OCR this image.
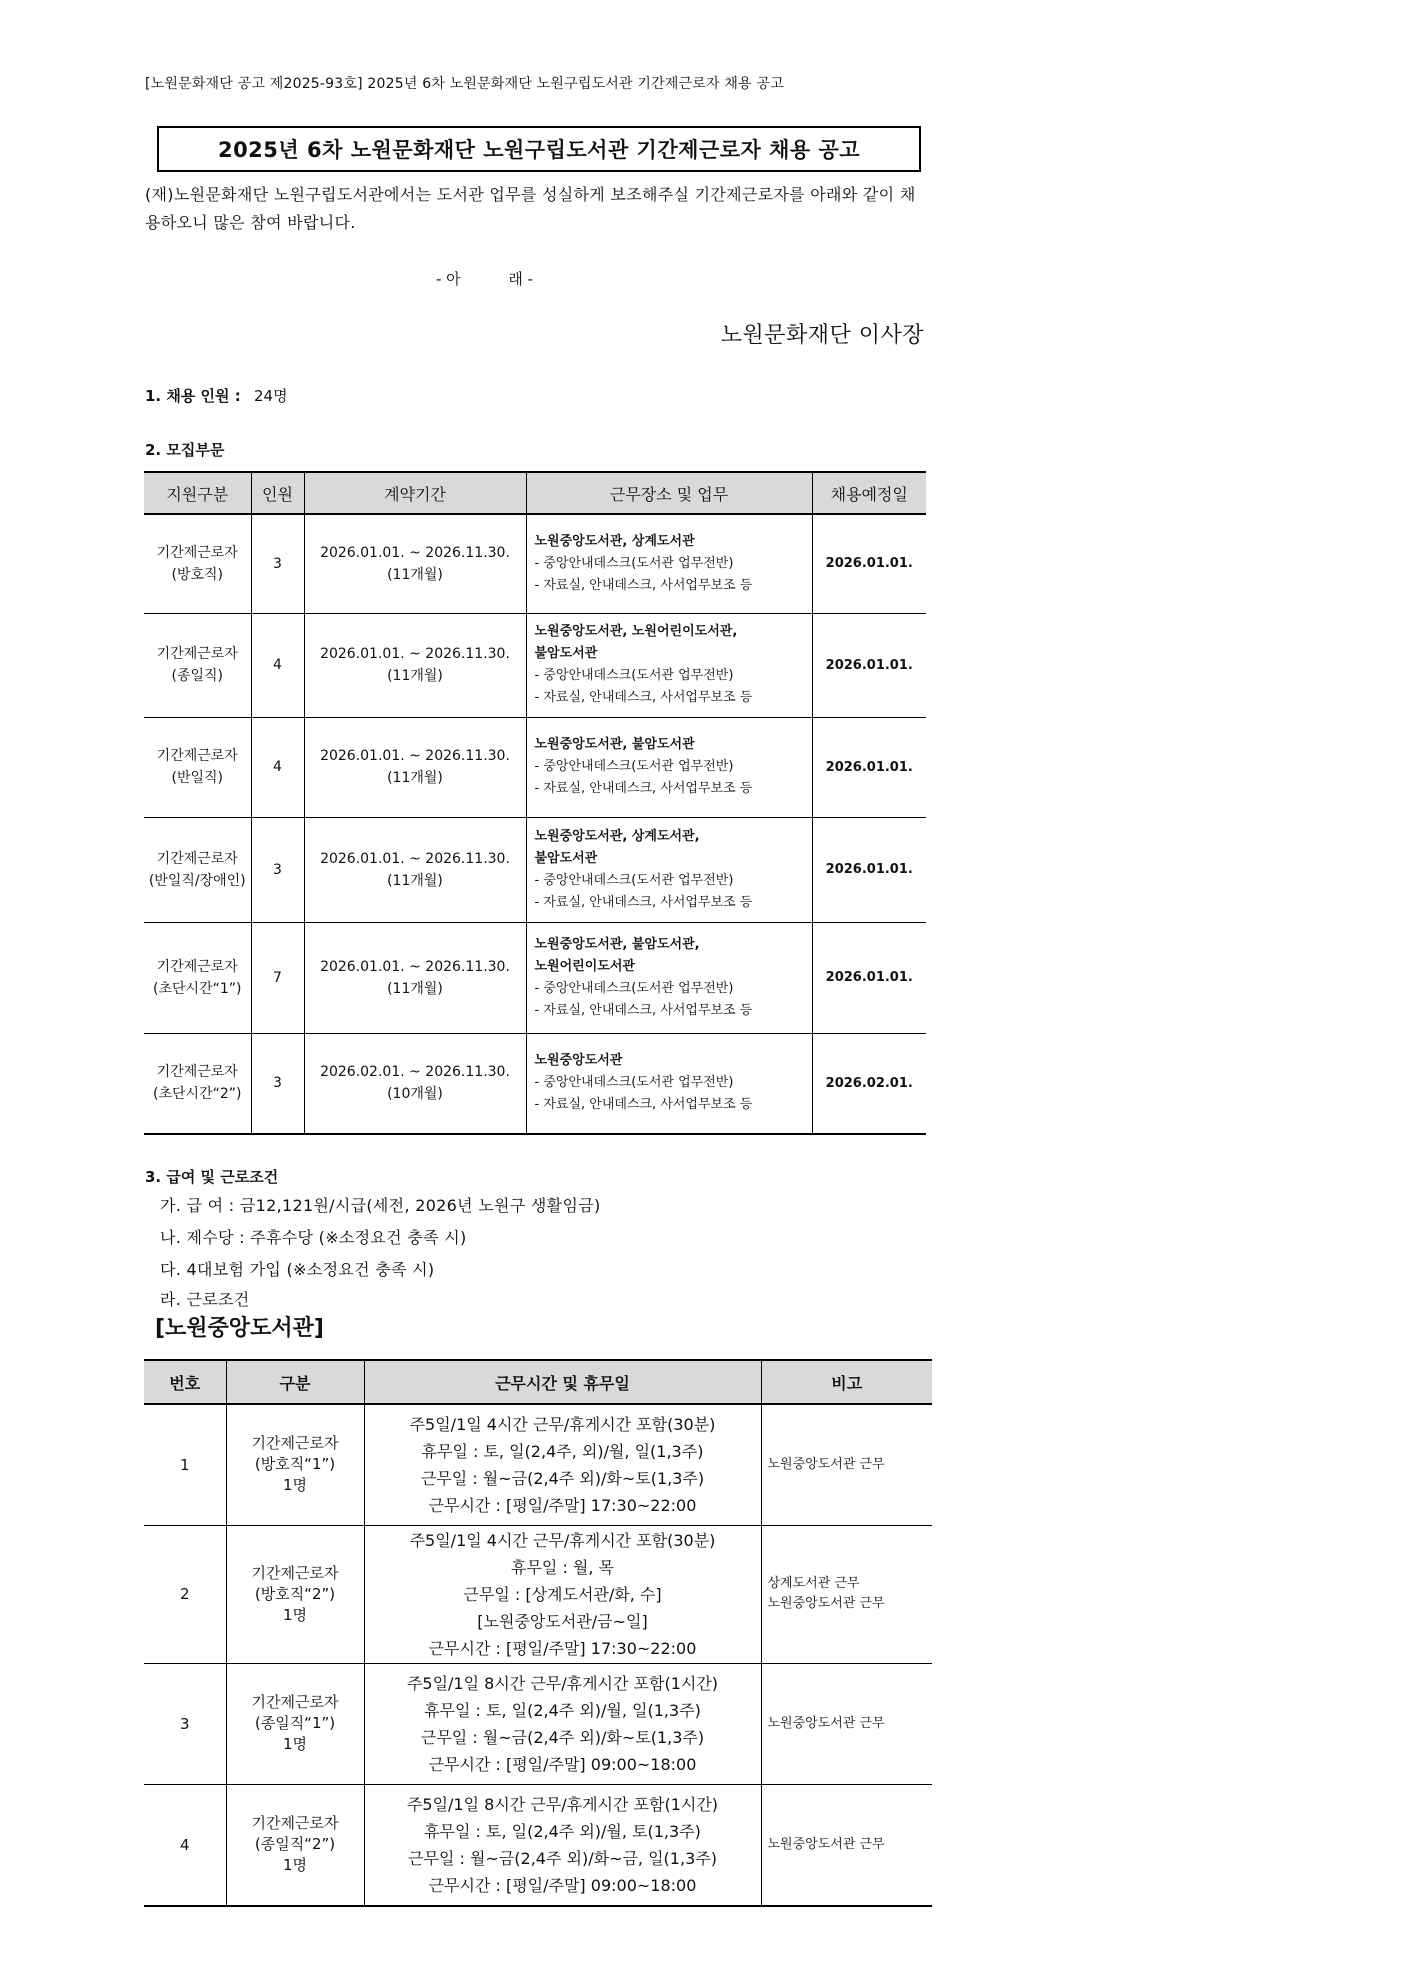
[노원문화재단 공고 제2025-93호] 2025년 6차 노원문화재단 노원구립도서관 기간제근로자 채용 공고
2025년 6차 노원문화재단 노원구립도서관 기간제근로자 채용 공고
(재)노원문화재단 노원구립도서관에서는 도서관 업무를 성실하게 보조해주실 기간제근로자를 아래와 같이 채용하오니 많은 참여 바랍니다.
- 아          래 -
노원문화재단 이사장
1. 채용 인원 : 24명
2. 모집부문
지원구분	인원	계약기간	근무장소 및 업무	채용예정일

기간제근로자
(방호직)	3	2026.01.01. ~ 2026.11.30.
(11개월)	노원중앙도서관, 상계도서관
- 중앙안내데스크(도서관 업무전반)
- 자료실, 안내데스크, 사서업무보조 등	2026.01.01.

기간제근로자
(종일직)	4	2026.01.01. ~ 2026.11.30.
(11개월)	노원중앙도서관, 노원어린이도서관,
불암도서관
- 중앙안내데스크(도서관 업무전반)
- 자료실, 안내데스크, 사서업무보조 등	2026.01.01.

기간제근로자
(반일직)	4	2026.01.01. ~ 2026.11.30.
(11개월)	노원중앙도서관, 불암도서관
- 중앙안내데스크(도서관 업무전반)
- 자료실, 안내데스크, 사서업무보조 등	2026.01.01.

기간제근로자
(반일직/장애인)	3	2026.01.01. ~ 2026.11.30.
(11개월)	노원중앙도서관, 상계도서관,
불암도서관
- 중앙안내데스크(도서관 업무전반)
- 자료실, 안내데스크, 사서업무보조 등	2026.01.01.

기간제근로자
(초단시간“1”)	7	2026.01.01. ~ 2026.11.30.
(11개월)	노원중앙도서관, 불암도서관,
노원어린이도서관
- 중앙안내데스크(도서관 업무전반)
- 자료실, 안내데스크, 사서업무보조 등	2026.01.01.

기간제근로자
(초단시간“2”)	3	2026.02.01. ~ 2026.11.30.
(10개월)	노원중앙도서관
- 중앙안내데스크(도서관 업무전반)
- 자료실, 안내데스크, 사서업무보조 등	2026.02.01.
3. 급여 및 근로조건
가. 급 여 : 금12,121원/시급(세전, 2026년 노원구 생활임금)
나. 제수당 : 주휴수당 (※소정요건 충족 시)
다. 4대보험 가입 (※소정요건 충족 시)
라. 근로조건
[노원중앙도서관]
번호	구분	근무시간 및 휴무일	비고
1	기간제근로자
(방호직“1”)
1명	주5일/1일 4시간 근무/휴게시간 포함(30분)
휴무일 : 토, 일(2,4주, 외)/월, 일(1,3주)
근무일 : 월~금(2,4주 외)/화~토(1,3주)
근무시간 : [평일/주말] 17:30~22:00	노원중앙도서관 근무

2	기간제근로자
(방호직“2”)
1명	주5일/1일 4시간 근무/휴게시간 포함(30분)
휴무일 : 월, 목
근무일 : [상계도서관/화, 수]
[노원중앙도서관/금~일]
근무시간 : [평일/주말] 17:30~22:00	상계도서관 근무
노원중앙도서관 근무

3	기간제근로자
(종일직“1”)
1명	주5일/1일 8시간 근무/휴게시간 포함(1시간)
휴무일 : 토, 일(2,4주 외)/월, 일(1,3주)
근무일 : 월~금(2,4주 외)/화~토(1,3주)
근무시간 : [평일/주말] 09:00~18:00	노원중앙도서관 근무

4	기간제근로자
(종일직“2”)
1명	주5일/1일 8시간 근무/휴게시간 포함(1시간)
휴무일 : 토, 일(2,4주 외)/월, 토(1,3주)
근무일 : 월~금(2,4주 외)/화~금, 일(1,3주)
근무시간 : [평일/주말] 09:00~18:00	노원중앙도서관 근무
